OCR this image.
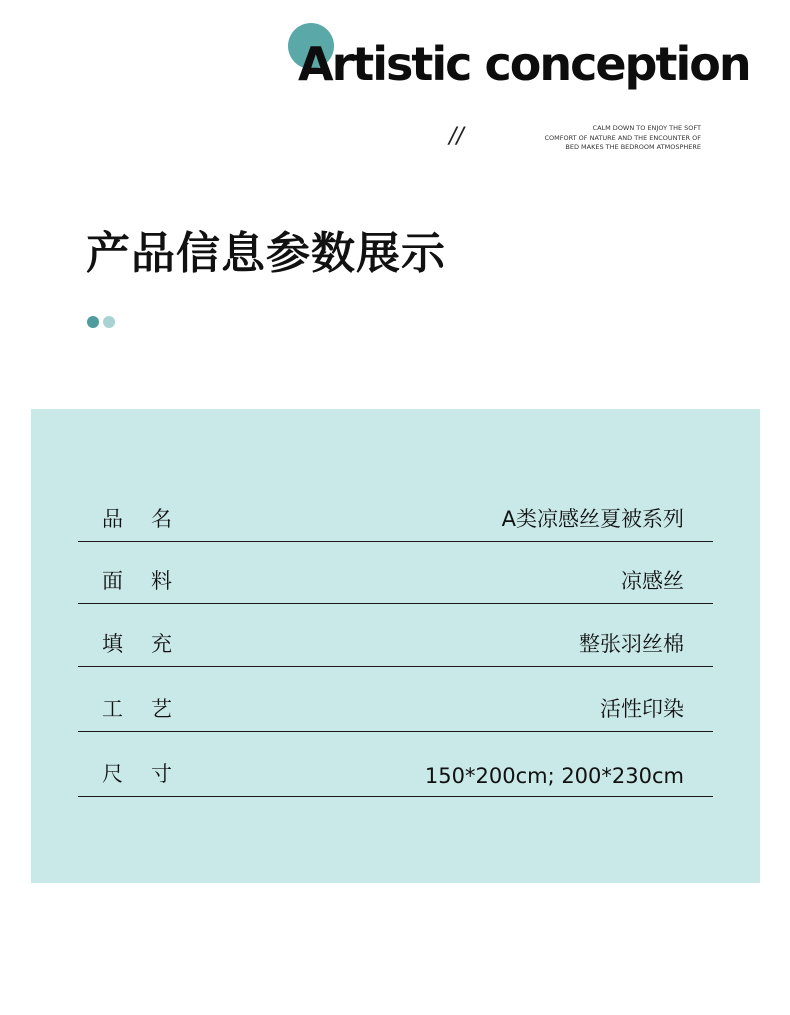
Artistic conception
//	CALM DOWN TO ENJOY THE SOFT
COMFORT OF NATURE AND THE ENCOUNTER OF
BED MAKES THE BEDROOM ATMOSPHERE
产品信息参数展示
品名	A类凉感丝夏被系列
面料	凉感丝
填充	整张羽丝棉
工艺	活性印染
尺寸	150*200cm; 200*230cm
